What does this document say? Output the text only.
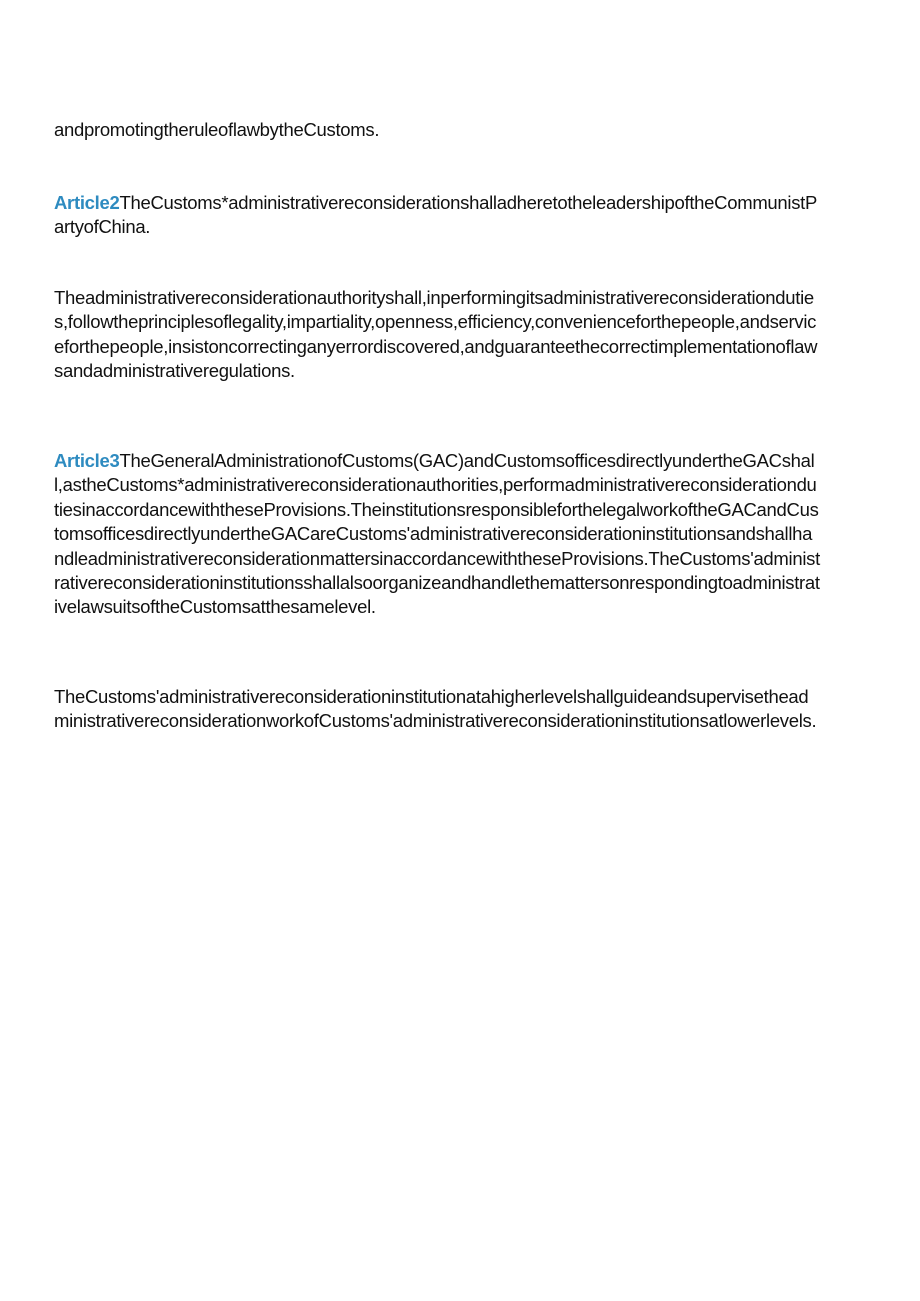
andpromotingtheruleoflawbytheCustoms.

Article2TheCustoms*administrativereconsiderationshalladheretotheleadershipoftheCommunistPartyofChina.

Theadministrativereconsiderationauthorityshall,inperformingitsadministrativereconsiderationduties,followtheprinciplesoflegality,impartiality,openness,efficiency,convenienceforthepeople,andserviceforthepeople,insistoncorrectinganyerrordiscovered,andguaranteethecorrectimplementationoflawsandadministrativeregulations.

Article3TheGeneralAdministrationofCustoms(GAC)andCustomsofficesdirectlyundertheGACshall,astheCustoms*administrativereconsiderationauthorities,performadministrativereconsiderationdutiesinaccordancewiththeseProvisions.TheinstitutionsresponsibleforthelegalworkoftheGACandCustomsofficesdirectlyundertheGACareCustoms'administrativereconsiderationinstitutionsandshallhandleadministrativereconsiderationmattersinaccordancewiththeseProvisions.TheCustoms'administrativereconsiderationinstitutionsshallalsoorganizeandhandlethemattersonrespondingtoadministrativelawsuitsoftheCustomsatthesamelevel.

TheCustoms'administrativereconsiderationinstitutionatahigherlevelshallguideandsupervisetheadministrativereconsiderationworkofCustoms'administrativereconsiderationinstitutionsatlowerlevels.
